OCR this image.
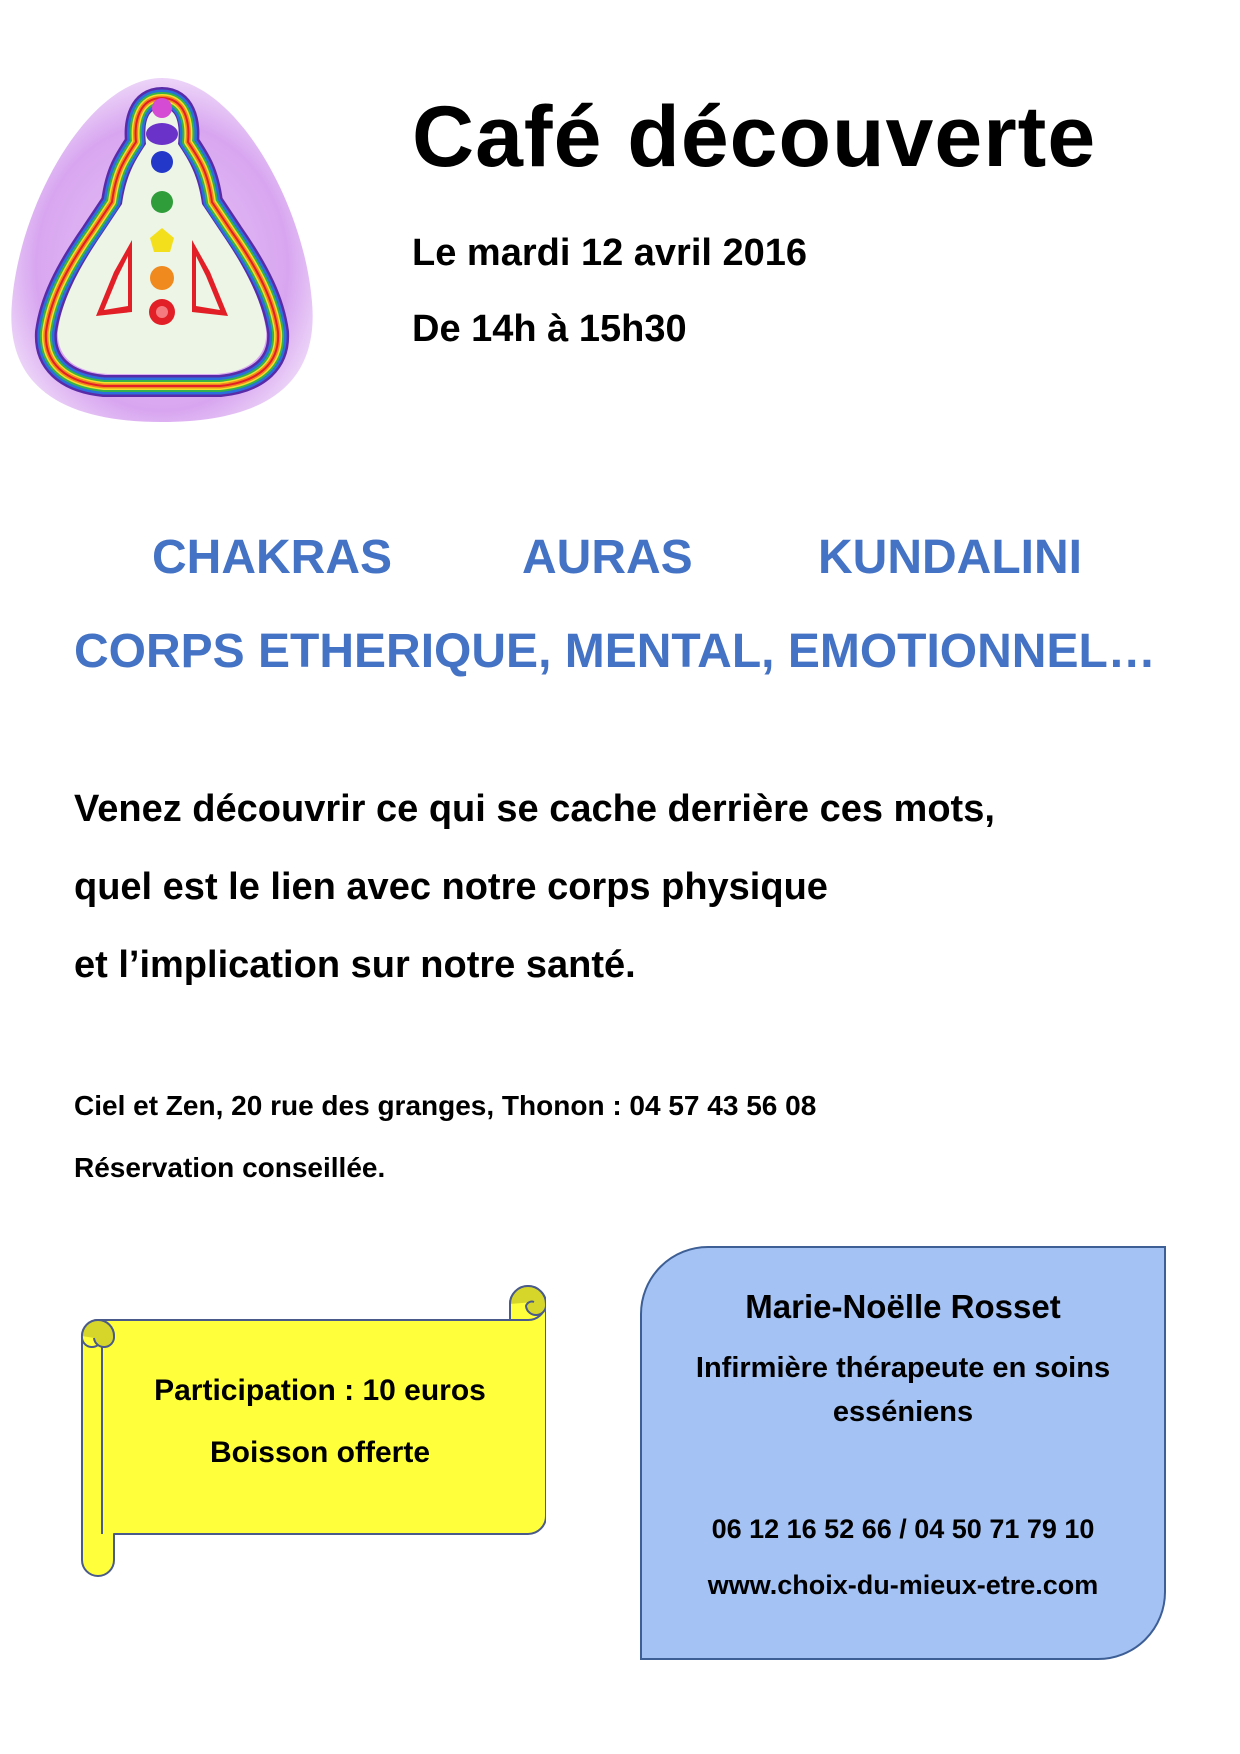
Café découverte
Le mardi 12 avril 2016
De 14h à 15h30
CHAKRAS	AURAS	KUNDALINI
CORPS ETHERIQUE, MENTAL, EMOTIONNEL…
Venez découvrir ce qui se cache derrière ces mots,
quel est le lien avec notre corps physique
et l’implication sur notre santé.
Ciel et Zen, 20 rue des granges, Thonon : 04 57 43 56 08
Réservation conseillée.
Participation : 10 euros
Boisson offerte
Marie-Noëlle Rosset
Infirmière thérapeute en soins
esséniens
06 12 16 52 66 / 04 50 71 79 10
www.choix-du-mieux-etre.com
